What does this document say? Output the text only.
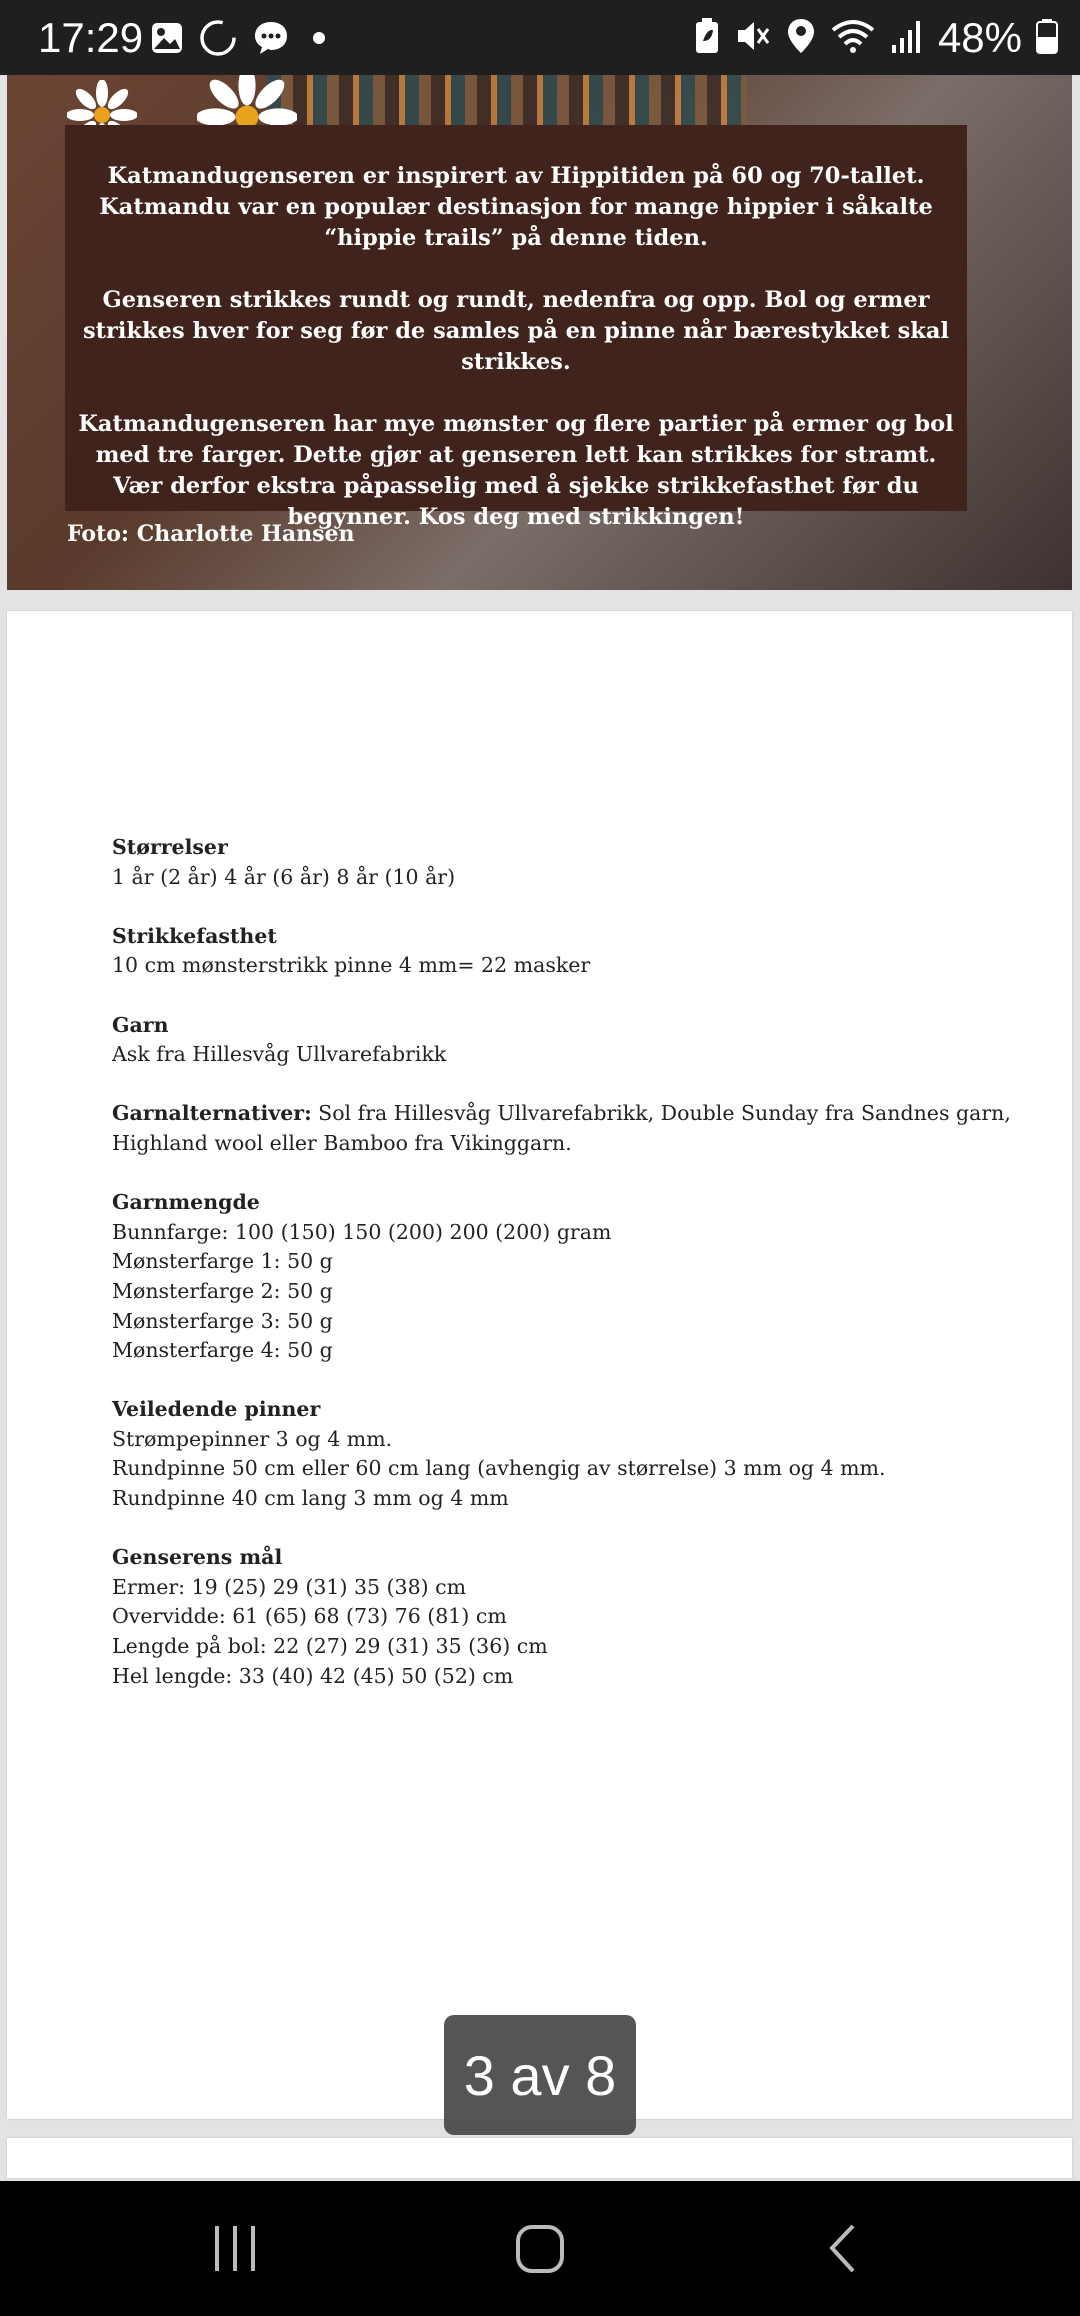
17:29	48%

Katmandugenseren er inspirert av Hippitiden på 60 og 70-tallet. Katmandu var en populær destinasjon for mange hippier i såkalte “hippie trails” på denne tiden.

Genseren strikkes rundt og rundt, nedenfra og opp. Bol og ermer strikkes hver for seg før de samles på en pinne når bærestykket skal strikkes.

Katmandugenseren har mye mønster og flere partier på ermer og bol med tre farger. Dette gjør at genseren lett kan strikkes for stramt. Vær derfor ekstra påpasselig med å sjekke strikkefasthet før du begynner. Kos deg med strikkingen!

Foto: Charlotte Hansen
Størrelser
1 år (2 år) 4 år (6 år) 8 år (10 år)
Strikkefasthet
10 cm mønsterstrikk pinne 4 mm= 22 masker
Garn
Ask fra Hillesvåg Ullvarefabrikk
Garnalternativer: Sol fra Hillesvåg Ullvarefabrikk, Double Sunday fra Sandnes garn,
Highland wool eller Bamboo fra Vikinggarn.
Garnmengde
Bunnfarge: 100 (150) 150 (200) 200 (200) gram
Mønsterfarge 1: 50 g
Mønsterfarge 2: 50 g
Mønsterfarge 3: 50 g
Mønsterfarge 4: 50 g
Veiledende pinner
Strømpepinner 3 og 4 mm.
Rundpinne 50 cm eller 60 cm lang (avhengig av størrelse) 3 mm og 4 mm.
Rundpinne 40 cm lang 3 mm og 4 mm
Genserens mål
Ermer: 19 (25) 29 (31) 35 (38) cm
Overvidde: 61 (65) 68 (73) 76 (81) cm
Lengde på bol: 22 (27) 29 (31) 35 (36) cm
Hel lengde: 33 (40) 42 (45) 50 (52) cm
3 av 8
